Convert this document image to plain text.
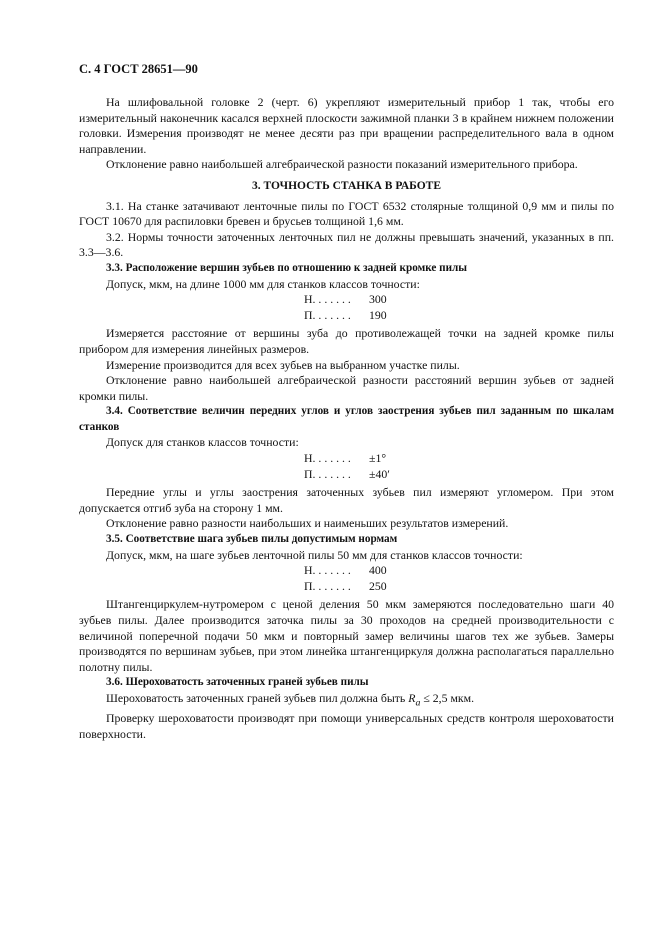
С. 4 ГОСТ 28651—90

На шлифовальной головке 2 (черт. 6) укрепляют измерительный прибор 1 так, чтобы его измерительный наконечник касался верхней плоскости зажимной планки 3 в крайнем нижнем положении головки. Измерения производят не менее десяти раз при вращении распределительного вала в одном направлении.

Отклонение равно наибольшей алгебраической разности показаний измерительного прибора.

3. ТОЧНОСТЬ СТАНКА В РАБОТЕ

3.1. На станке затачивают ленточные пилы по ГОСТ 6532 столярные толщиной 0,9 мм и пилы по ГОСТ 10670 для распиловки бревен и брусьев толщиной 1,6 мм.

3.2. Нормы точности заточенных ленточных пил не должны превышать значений, указанных в пп. 3.3—3.6.

3.3. Расположение вершин зубьев по отношению к задней кромке пилы

Допуск, мкм, на длине 1000 мм для станков классов точности:

Н. . . . . . .	300
П. . . . . . .	190

Измеряется расстояние от вершины зуба до противолежащей точки на задней кромке пилы прибором для измерения линейных размеров.

Измерение производится для всех зубьев на выбранном участке пилы.

Отклонение равно наибольшей алгебраической разности расстояний вершин зубьев от задней кромки пилы.

3.4. Соответствие величин передних углов и углов заострения зубьев пил заданным по шкалам станков

Допуск для станков классов точности:

Н. . . . . . .	±1°
П. . . . . . .	±40′

Передние углы и углы заострения заточенных зубьев пил измеряют угломером. При этом допускается отгиб зуба на сторону 1 мм.

Отклонение равно разности наибольших и наименьших результатов измерений.

3.5. Соответствие шага зубьев пилы допустимым нормам

Допуск, мкм, на шаге зубьев ленточной пилы 50 мм для станков классов точности:

Н. . . . . . .	400
П. . . . . . .	250

Штангенциркулем-нутромером с ценой деления 50 мкм замеряются последовательно шаги 40 зубьев пилы. Далее производится заточка пилы за 30 проходов на средней производительности с величиной поперечной подачи 50 мкм и повторный замер величины шагов тех же зубьев. Замеры производятся по вершинам зубьев, при этом линейка штангенциркуля должна располагаться параллельно полотну пилы.

3.6. Шероховатость заточенных граней зубьев пилы

Шероховатость заточенных граней зубьев пил должна быть $R_a \le 2,5$ мкм.

Проверку шероховатости производят при помощи универсальных средств контроля шероховатости поверхности.
